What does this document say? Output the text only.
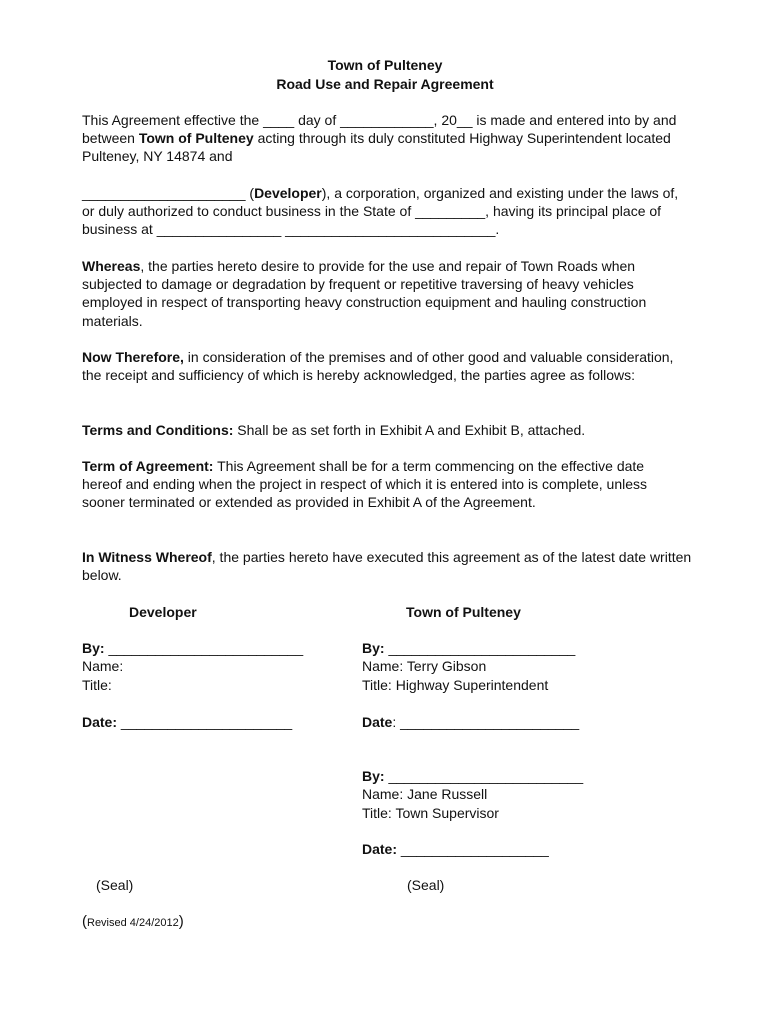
Town of Pulteney
Road Use and Repair Agreement

This Agreement effective the ____ day of ____________, 20__ is made and entered into by and between Town of Pulteney acting through its duly constituted Highway Superintendent located Pulteney, NY 14874 and

_____________________ (Developer), a corporation, organized and existing under the laws of, or duly authorized to conduct business in the State of _________, having its principal place of business at ________________ ___________________________.

Whereas, the parties hereto desire to provide for the use and repair of Town Roads when subjected to damage or degradation by frequent or repetitive traversing of heavy vehicles employed in respect of transporting heavy construction equipment and hauling construction materials.

Now Therefore, in consideration of the premises and of other good and valuable consideration, the receipt and sufficiency of which is hereby acknowledged, the parties agree as follows:

Terms and Conditions: Shall be as set forth in Exhibit A and Exhibit B, attached.

Term of Agreement: This Agreement shall be for a term commencing on the effective date hereof and ending when the project in respect of which it is entered into is complete, unless sooner terminated or extended as provided in Exhibit A of the Agreement.

In Witness Whereof, the parties hereto have executed this agreement as of the latest date written below.

Developer
By: _________________________
Name:
Title:
Date: ______________________
Town of Pulteney
By: ________________________
Name: Terry Gibson
Title: Highway Superintendent
Date: _______________________
By: _________________________
Name: Jane Russell
Title: Town Supervisor
Date: ___________________
(Seal)	(Seal)
(Revised 4/24/2012)
